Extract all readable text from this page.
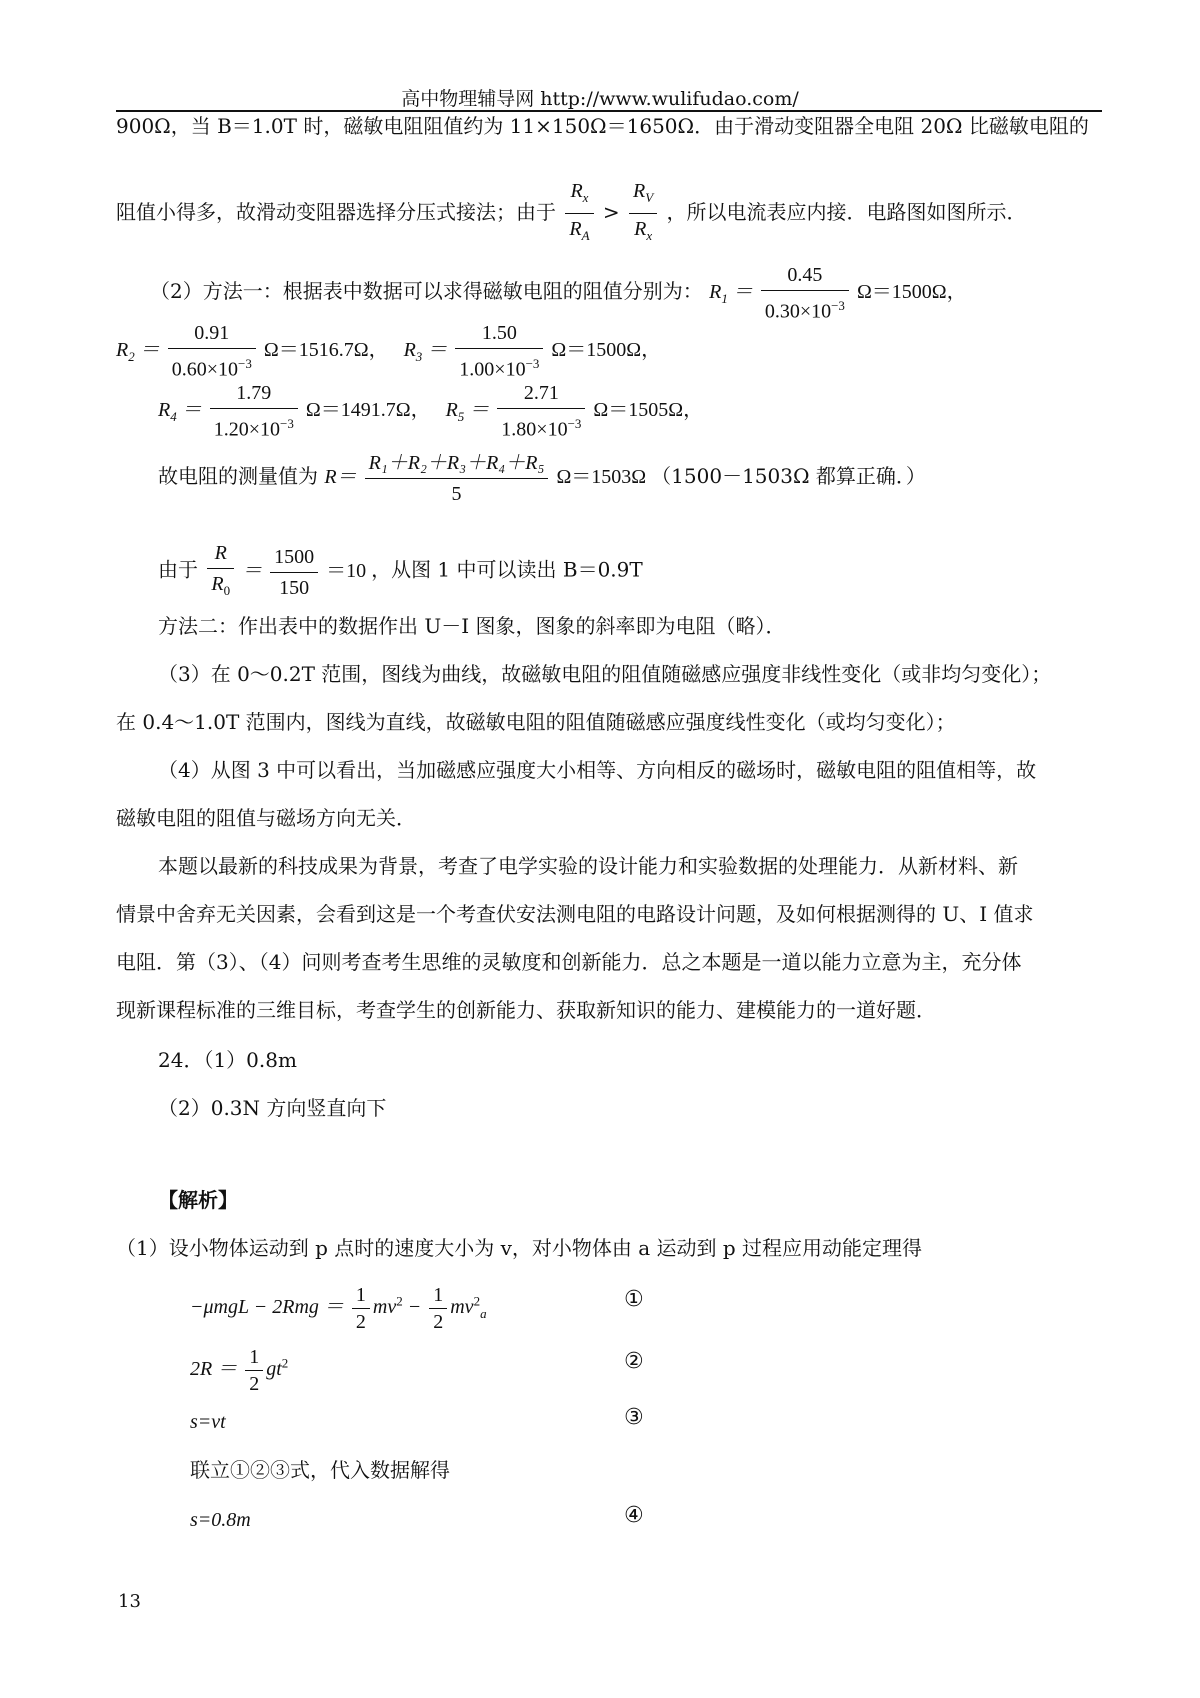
高中物理辅导网 http://www.wulifudao.com/
900Ω，当 B＝1.0T 时，磁敏电阻阻值约为 11×150Ω＝1650Ω．由于滑动变阻器全电阻 20Ω 比磁敏电阻的
阻值小得多，故滑动变阻器选择分压式接法；由于 $\frac{R_x}{R_A} > \frac{R_V}{R_x}$ ，所以电流表应内接．电路图如图所示．
（2）方法一：根据表中数据可以求得磁敏电阻的阻值分别为： $R_1 = \frac{0.45}{0.30\times 10^{-3}} \Omega=1500\Omega$，
$R_2 = \frac{0.91}{0.60\times 10^{-3}} \Omega=1516.7\Omega$， $R_3 = \frac{1.50}{1.00\times 10^{-3}} \Omega=1500\Omega$，
$R_4 = \frac{1.79}{1.20\times 10^{-3}} \Omega=1491.7\Omega$， $R_5 = \frac{2.71}{1.80\times 10^{-3}} \Omega=1505\Omega$，
故电阻的测量值为 $R= \frac{\text{R₁＋R₂＋R₃＋R₄＋R₅}}{5} \Omega=1503\Omega$ （1500－1503Ω 都算正确．）
由于 $\frac{R}{R_0} = \frac{1500}{150} =10$ ，从图 1 中可以读出 B＝0.9T
方法二：作出表中的数据作出 U－I 图象，图象的斜率即为电阻（略）．
（3）在 0～0.2T 范围，图线为曲线，故磁敏电阻的阻值随磁感应强度非线性变化（或非均匀变化）；
在 0.4～1.0T 范围内，图线为直线，故磁敏电阻的阻值随磁感应强度线性变化（或均匀变化）；
（4）从图 3 中可以看出，当加磁感应强度大小相等、方向相反的磁场时，磁敏电阻的阻值相等，故
磁敏电阻的阻值与磁场方向无关．
本题以最新的科技成果为背景，考查了电学实验的设计能力和实验数据的处理能力．从新材料、新
情景中舍弃无关因素，会看到这是一个考查伏安法测电阻的电路设计问题，及如何根据测得的 U、I 值求
电阻．第（3）、（4）问则考查考生思维的灵敏度和创新能力．总之本题是一道以能力立意为主，充分体
现新课程标准的三维目标，考查学生的创新能力、获取新知识的能力、建模能力的一道好题．
24．（1）0.8m
（2）0.3N 方向竖直向下
【解析】
（1）设小物体运动到 p 点时的速度大小为 v，对小物体由 a 运动到 p 过程应用动能定理得
$-\mu mgL - 2Rmg = \frac{1}{2} mv^2 - \frac{1}{2} mv^2_a$
①
$2R = \frac{1}{2} gt^2$	②
s=vt	③
联立①②③式，代入数据解得
s=0.8m	④
13
